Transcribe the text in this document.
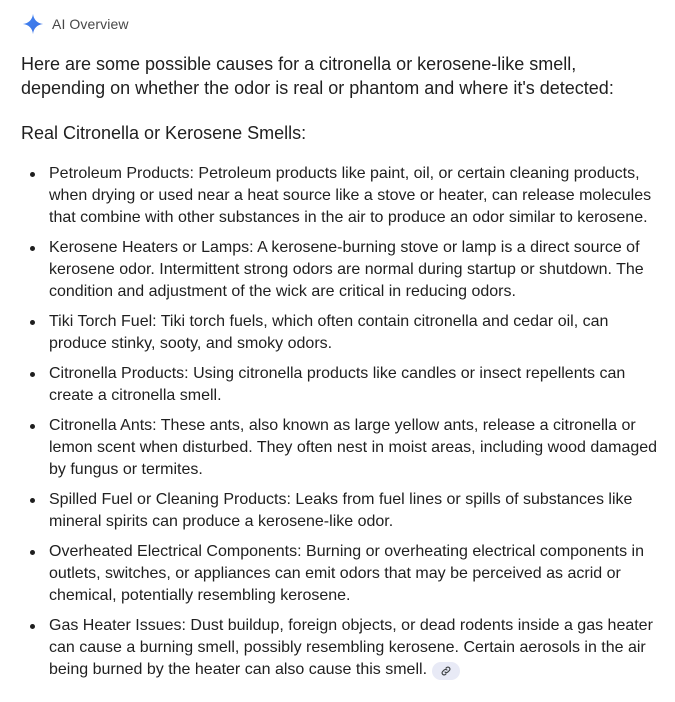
AI Overview

Here are some possible causes for a citronella or kerosene-like smell, depending on whether the odor is real or phantom and where it's detected:

Real Citronella or Kerosene Smells:
Petroleum Products: Petroleum products like paint, oil, or certain cleaning products, when drying or used near a heat source like a stove or heater, can release molecules that combine with other substances in the air to produce an odor similar to kerosene.
Kerosene Heaters or Lamps: A kerosene-burning stove or lamp is a direct source of kerosene odor. Intermittent strong odors are normal during startup or shutdown. The condition and adjustment of the wick are critical in reducing odors.
Tiki Torch Fuel: Tiki torch fuels, which often contain citronella and cedar oil, can produce stinky, sooty, and smoky odors.
Citronella Products: Using citronella products like candles or insect repellents can create a citronella smell.
Citronella Ants: These ants, also known as large yellow ants, release a citronella or lemon scent when disturbed. They often nest in moist areas, including wood damaged by fungus or termites.
Spilled Fuel or Cleaning Products: Leaks from fuel lines or spills of substances like mineral spirits can produce a kerosene-like odor.
Overheated Electrical Components: Burning or overheating electrical components in outlets, switches, or appliances can emit odors that may be perceived as acrid or chemical, potentially resembling kerosene.
Gas Heater Issues: Dust buildup, foreign objects, or dead rodents inside a gas heater can cause a burning smell, possibly resembling kerosene. Certain aerosols in the air being burned by the heater can also cause this smell.
